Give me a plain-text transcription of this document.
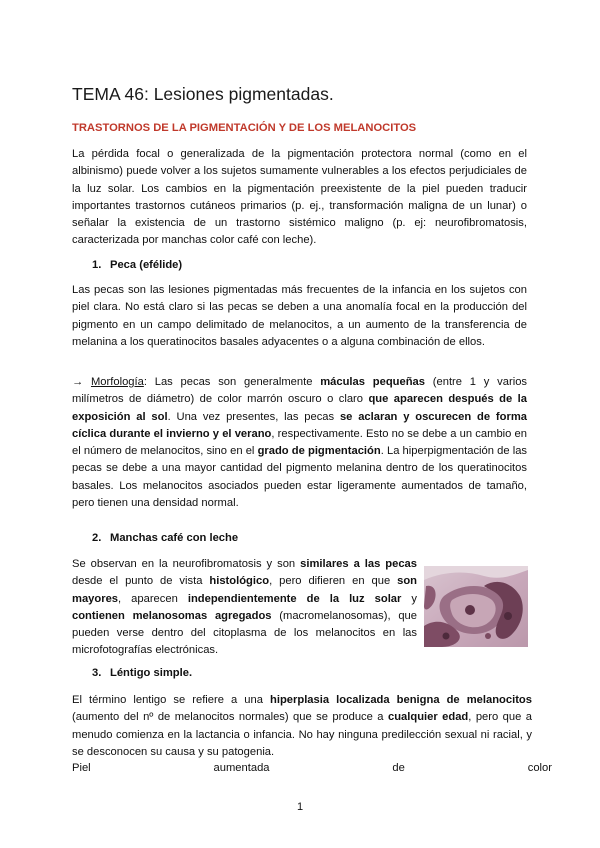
TEMA 46: Lesiones pigmentadas.
TRASTORNOS DE LA PIGMENTACIÓN Y DE LOS MELANOCITOS

La pérdida focal o generalizada de la pigmentación protectora normal (como en el albinismo) puede volver a los sujetos sumamente vulnerables a los efectos perjudiciales de la luz solar. Los cambios en la pigmentación preexistente de la piel pueden traducir importantes trastornos cutáneos primarios (p. ej., transformación maligna de un lunar) o señalar la existencia de un trastorno sistémico maligno (p. ej: neurofibromatosis, caracterizada por manchas color café con leche).

1. Peca (efélide)

Las pecas son las lesiones pigmentadas más frecuentes de la infancia en los sujetos con piel clara. No está claro si las pecas se deben a una anomalía focal en la producción del pigmento en un campo delimitado de melanocitos, a un aumento de la transferencia de melanina a los queratinocitos basales adyacentes o a alguna combinación de ellos.

→ Morfología: Las pecas son generalmente máculas pequeñas (entre 1 y varios milímetros de diámetro) de color marrón oscuro o claro que aparecen después de la exposición al sol. Una vez presentes, las pecas se aclaran y oscurecen de forma cíclica durante el invierno y el verano, respectivamente. Esto no se debe a un cambio en el número de melanocitos, sino en el grado de pigmentación. La hiperpigmentación de las pecas se debe a una mayor cantidad del pigmento melanina dentro de los queratinocitos basales. Los melanocitos asociados pueden estar ligeramente aumentados de tamaño, pero tienen una densidad normal.

2. Manchas café con leche

Se observan en la neurofibromatosis y son similares a las pecas desde el punto de vista histológico, pero difieren en que son mayores, aparecen independientemente de la luz solar y contienen melanosomas agregados (macromelanosomas), que pueden verse dentro del citoplasma de los melanocitos en las microfotografías electrónicas.

3. Léntigo simple.

El término lentigo se refiere a una hiperplasia localizada benigna de melanocitos (aumento del nº de melanocitos normales) que se produce a cualquier edad, pero que a menudo comienza en la lactancia o infancia. No hay ninguna predilección sexual ni racial, y se desconocen su causa y su patogenia.

Piel	aumentada	de	color
1
